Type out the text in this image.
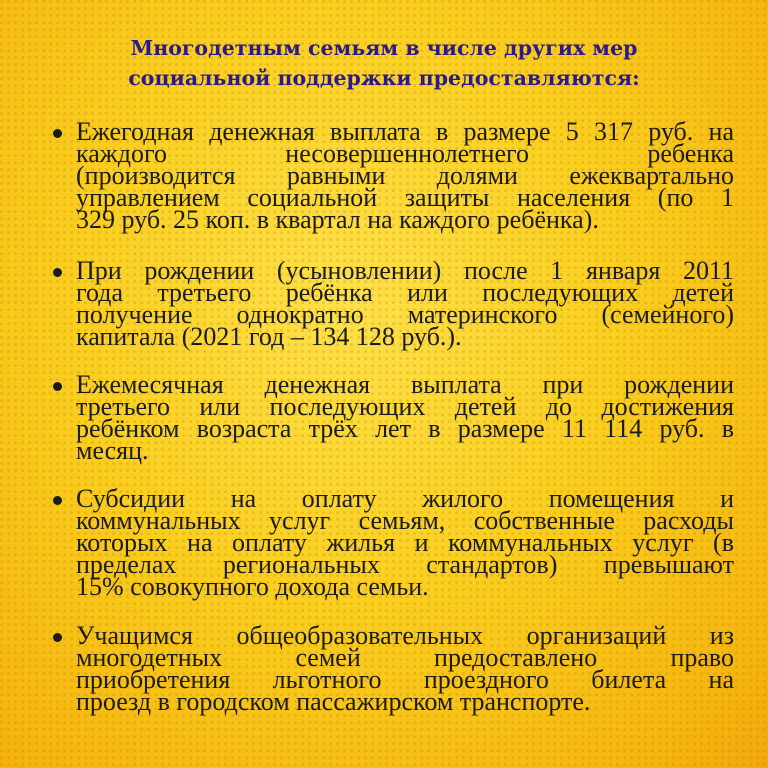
Многодетным семьям в числе других мер
социальной поддержки предоставляются:
Ежегодная денежная выплата в размере 5 317 руб. на
каждого несовершеннолетнего ребенка
(производится равными долями ежеквартально
управлением социальной защиты населения (по 1
329 руб. 25 коп. в квартал на каждого ребёнка).
При рождении (усыновлении) после 1 января 2011
года третьего ребёнка или последующих детей
получение однократно материнского (семейного)
капитала (2021 год – 134 128 руб.).
Ежемесячная денежная выплата при рождении
третьего или последующих детей до достижения
ребёнком возраста трёх лет в размере 11 114 руб. в
месяц.
Субсидии на оплату жилого помещения и
коммунальных услуг семьям, собственные расходы
которых на оплату жилья и коммунальных услуг (в
пределах региональных стандартов) превышают
15% совокупного дохода семьи.
Учащимся общеобразовательных организаций из
многодетных семей предоставлено право
приобретения льготного проездного билета на
проезд в городском пассажирском транспорте.
